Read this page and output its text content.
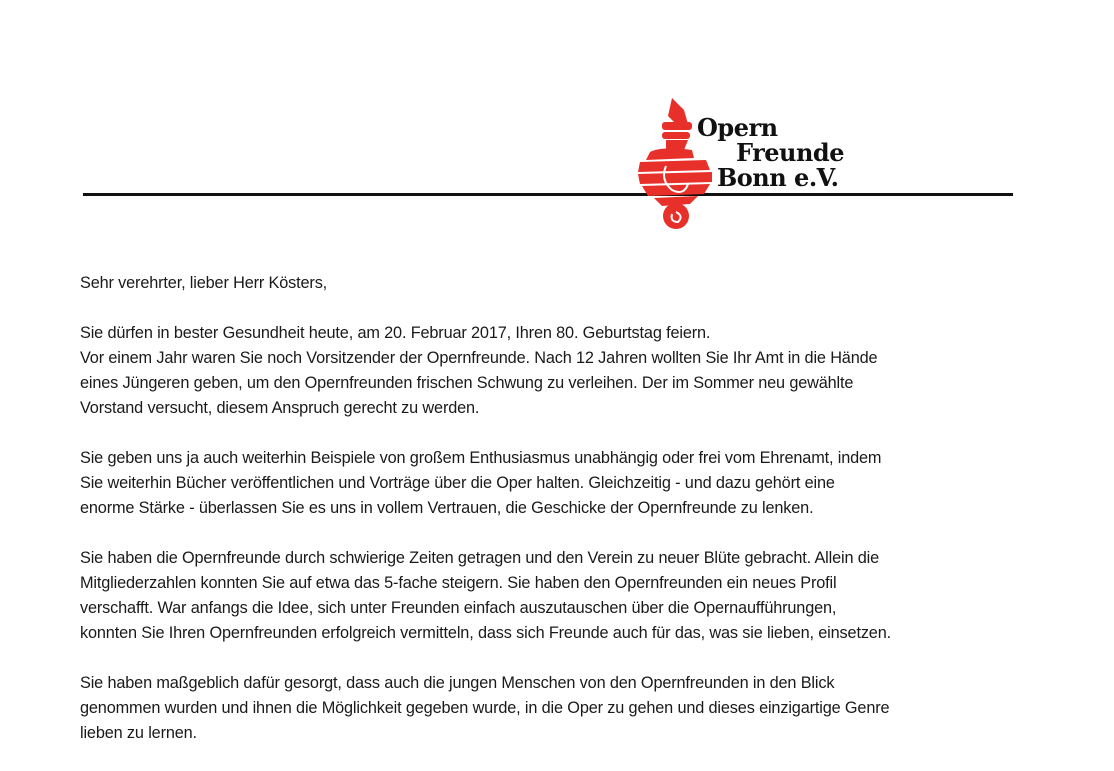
Opern
Freunde
Bonn e.V.

Sehr verehrter, lieber Herr Kösters,

Sie dürfen in bester Gesundheit heute, am 20. Februar 2017, Ihren 80. Geburtstag feiern.
Vor einem Jahr waren Sie noch Vorsitzender der Opernfreunde. Nach 12 Jahren wollten Sie Ihr Amt in die Hände
eines Jüngeren geben, um den Opernfreunden frischen Schwung zu verleihen. Der im Sommer neu gewählte
Vorstand versucht, diesem Anspruch gerecht zu werden.

Sie geben uns ja auch weiterhin Beispiele von großem Enthusiasmus unabhängig oder frei vom Ehrenamt, indem
Sie weiterhin Bücher veröffentlichen und Vorträge über die Oper halten. Gleichzeitig - und dazu gehört eine
enorme Stärke - überlassen Sie es uns in vollem Vertrauen, die Geschicke der Opernfreunde zu lenken.

Sie haben die Opernfreunde durch schwierige Zeiten getragen und den Verein zu neuer Blüte gebracht. Allein die
Mitgliederzahlen konnten Sie auf etwa das 5-fache steigern. Sie haben den Opernfreunden ein neues Profil
verschafft. War anfangs die Idee, sich unter Freunden einfach auszutauschen über die Opernaufführungen,
konnten Sie Ihren Opernfreunden erfolgreich vermitteln, dass sich Freunde auch für das, was sie lieben, einsetzen.

Sie haben maßgeblich dafür gesorgt, dass auch die jungen Menschen von den Opernfreunden in den Blick
genommen wurden und ihnen die Möglichkeit gegeben wurde, in die Oper zu gehen und dieses einzigartige Genre
lieben zu lernen.
